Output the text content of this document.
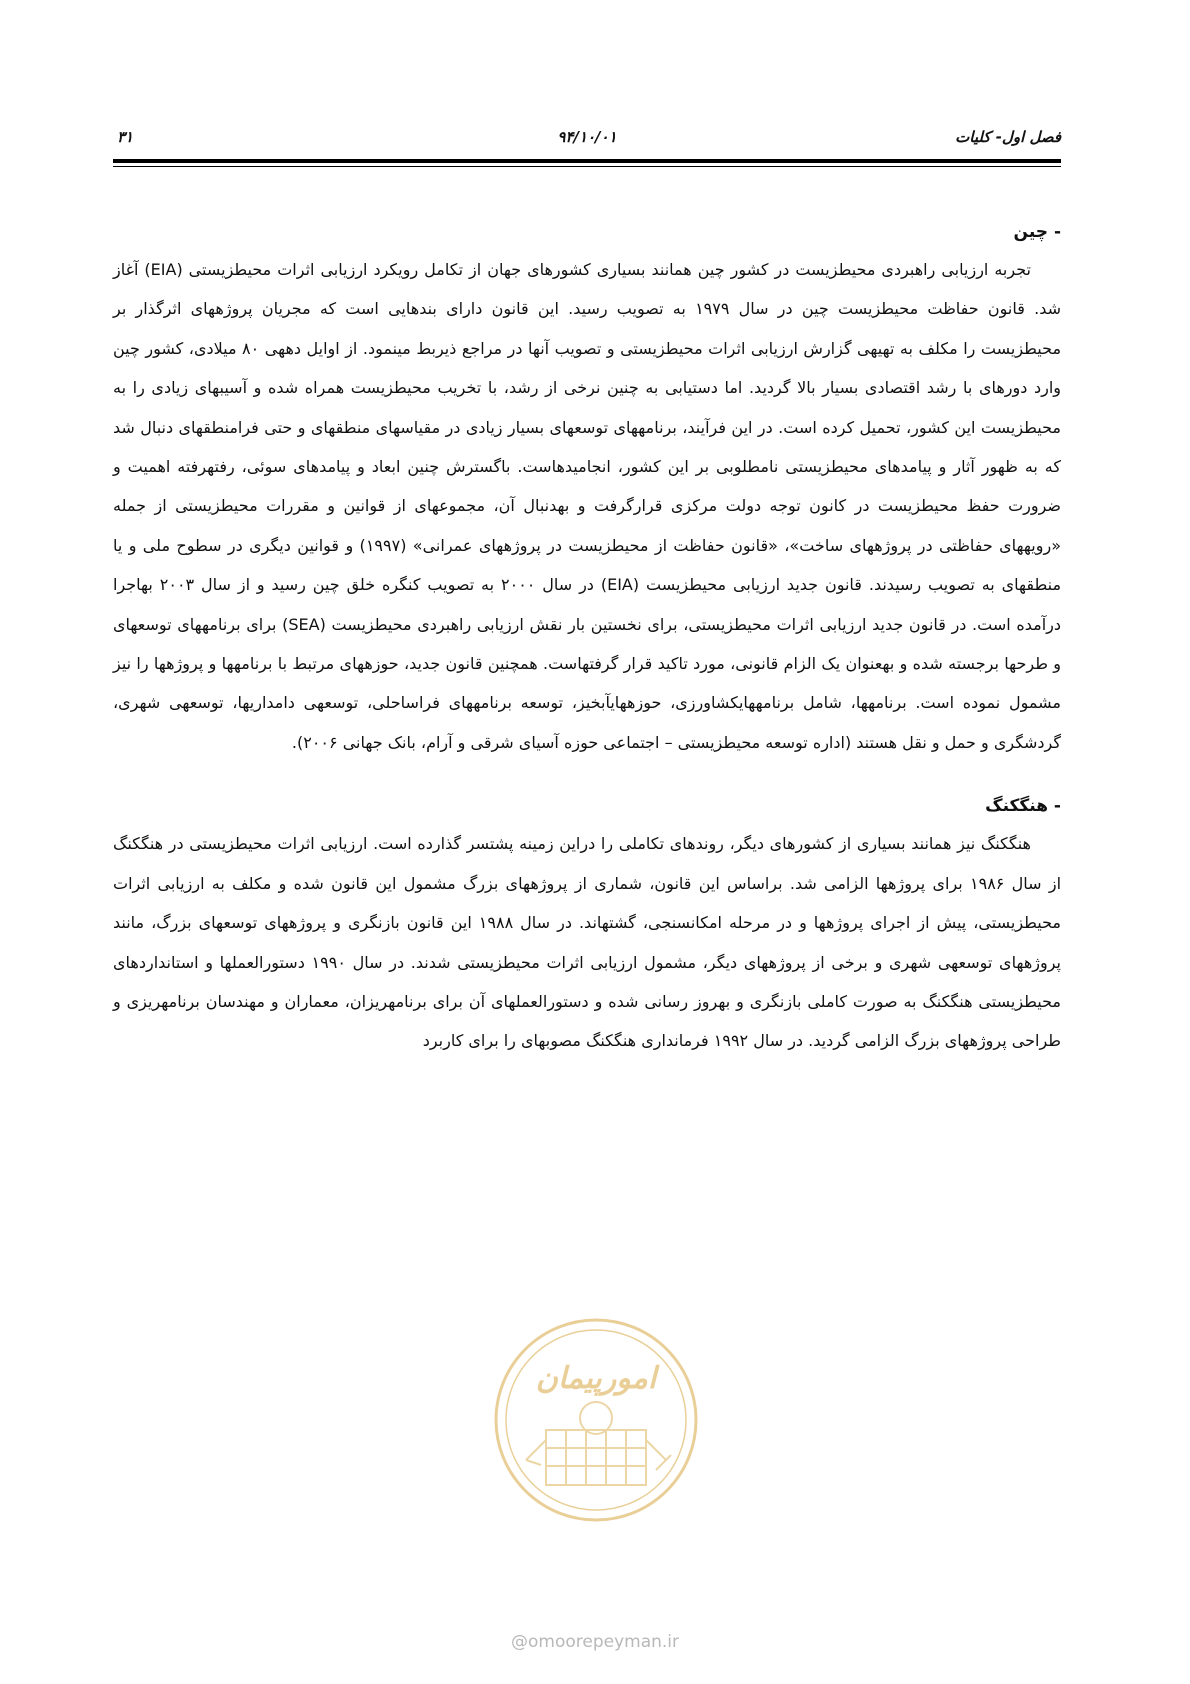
فصل اول- کلیات
۹۴/۱۰/۰۱
۳۱
- چین

تجربه ارزیابی راهبردی محیطزیست در کشور چین همانند بسیاری کشورهای جهان از تکامل رویکرد ارزیابی اثرات محیطزیستی (EIA) آغاز شد. قانون حفاظت محیطزیست چین در سال ۱۹۷۹ به تصویب رسید. این قانون دارای بندهایی است که مجریان پروژههای اثرگذار بر محیطزیست را مکلف به تهیهی گزارش ارزیابی اثرات محیطزیستی و تصویب آنها در مراجع ذیربط مینمود. از اوایل دههی ۸۰ میلادی، کشور چین وارد دورهای با رشد اقتصادی بسیار بالا گردید. اما دستیابی به چنین نرخی از رشد، با تخریب محیطزیست همراه شده و آسیبهای زیادی را به محیطزیست این کشور، تحمیل کرده است. در این فرآیند، برنامههای توسعهای بسیار زیادی در مقیاسهای منطقهای و حتی فرامنطقهای دنبال شد که به ظهور آثار و پیامدهای محیطزیستی نامطلوبی بر این کشور، انجامیدهاست. باگسترش چنین ابعاد و پیامدهای سوئی، رفتهرفته اهمیت و ضرورت حفظ محیطزیست در کانون توجه دولت مرکزی قرارگرفت و بهدنبال آن، مجموعهای از قوانین و مقررات محیطزیستی از جمله «رویههای حفاظتی در پروژههای ساخت»، «قانون حفاظت از محیطزیست در پروژههای عمرانی» (۱۹۹۷) و قوانین دیگری در سطوح ملی و یا منطقهای به تصویب رسیدند. قانون جدید ارزیابی محیطزیست (EIA) در سال ۲۰۰۰ به تصویب کنگره خلق چین رسید و از سال ۲۰۰۳ بهاجرا درآمده است. در قانون جدید ارزیابی اثرات محیطزیستی، برای نخستین بار نقش ارزیابی راهبردی محیطزیست (SEA) برای برنامههای توسعهای و طرحها برجسته شده و بهعنوان یک الزام قانونی، مورد تاکید قرار گرفتهاست. همچنین قانون جدید، حوزههای مرتبط با برنامهها و پروژهها را نیز مشمول نموده است. برنامهها، شامل برنامههایکشاورزی، حوزههایآبخیز، توسعه برنامههای فراساحلی، توسعهی دامداریها، توسعهی شهری، گردشگری و حمل و نقل هستند (اداره توسعه محیطزیستی – اجتماعی حوزه آسیای شرقی و آرام، بانک جهانی ۲۰۰۶).

- هنگکنگ

هنگکنگ نیز همانند بسیاری از کشورهای دیگر، روندهای تکاملی را دراین زمینه پشتسر گذارده است. ارزیابی اثرات محیطزیستی در هنگکنگ از سال ۱۹۸۶ برای پروژهها الزامی شد. براساس این قانون، شماری از پروژههای بزرگ مشمول این قانون شده و مکلف به ارزیابی اثرات محیطزیستی، پیش از اجرای پروژهها و در مرحله امکانسنجی، گشتهاند. در سال ۱۹۸۸ این قانون بازنگری و پروژههای توسعهای بزرگ، مانند پروژههای توسعهی شهری و برخی از پروژههای دیگر، مشمول ارزیابی اثرات محیطزیستی شدند. در سال ۱۹۹۰ دستورالعملها و استانداردهای محیطزیستی هنگکنگ به صورت کاملی بازنگری و بهروز رسانی شده و دستورالعملهای آن برای برنامهریزان، معماران و مهندسان برنامهریزی و طراحی پروژههای بزرگ الزامی گردید. در سال ۱۹۹۲ فرمانداری هنگکنگ مصوبهای را برای کاربرد

امورپیمان
@omoorepeyman.ir
